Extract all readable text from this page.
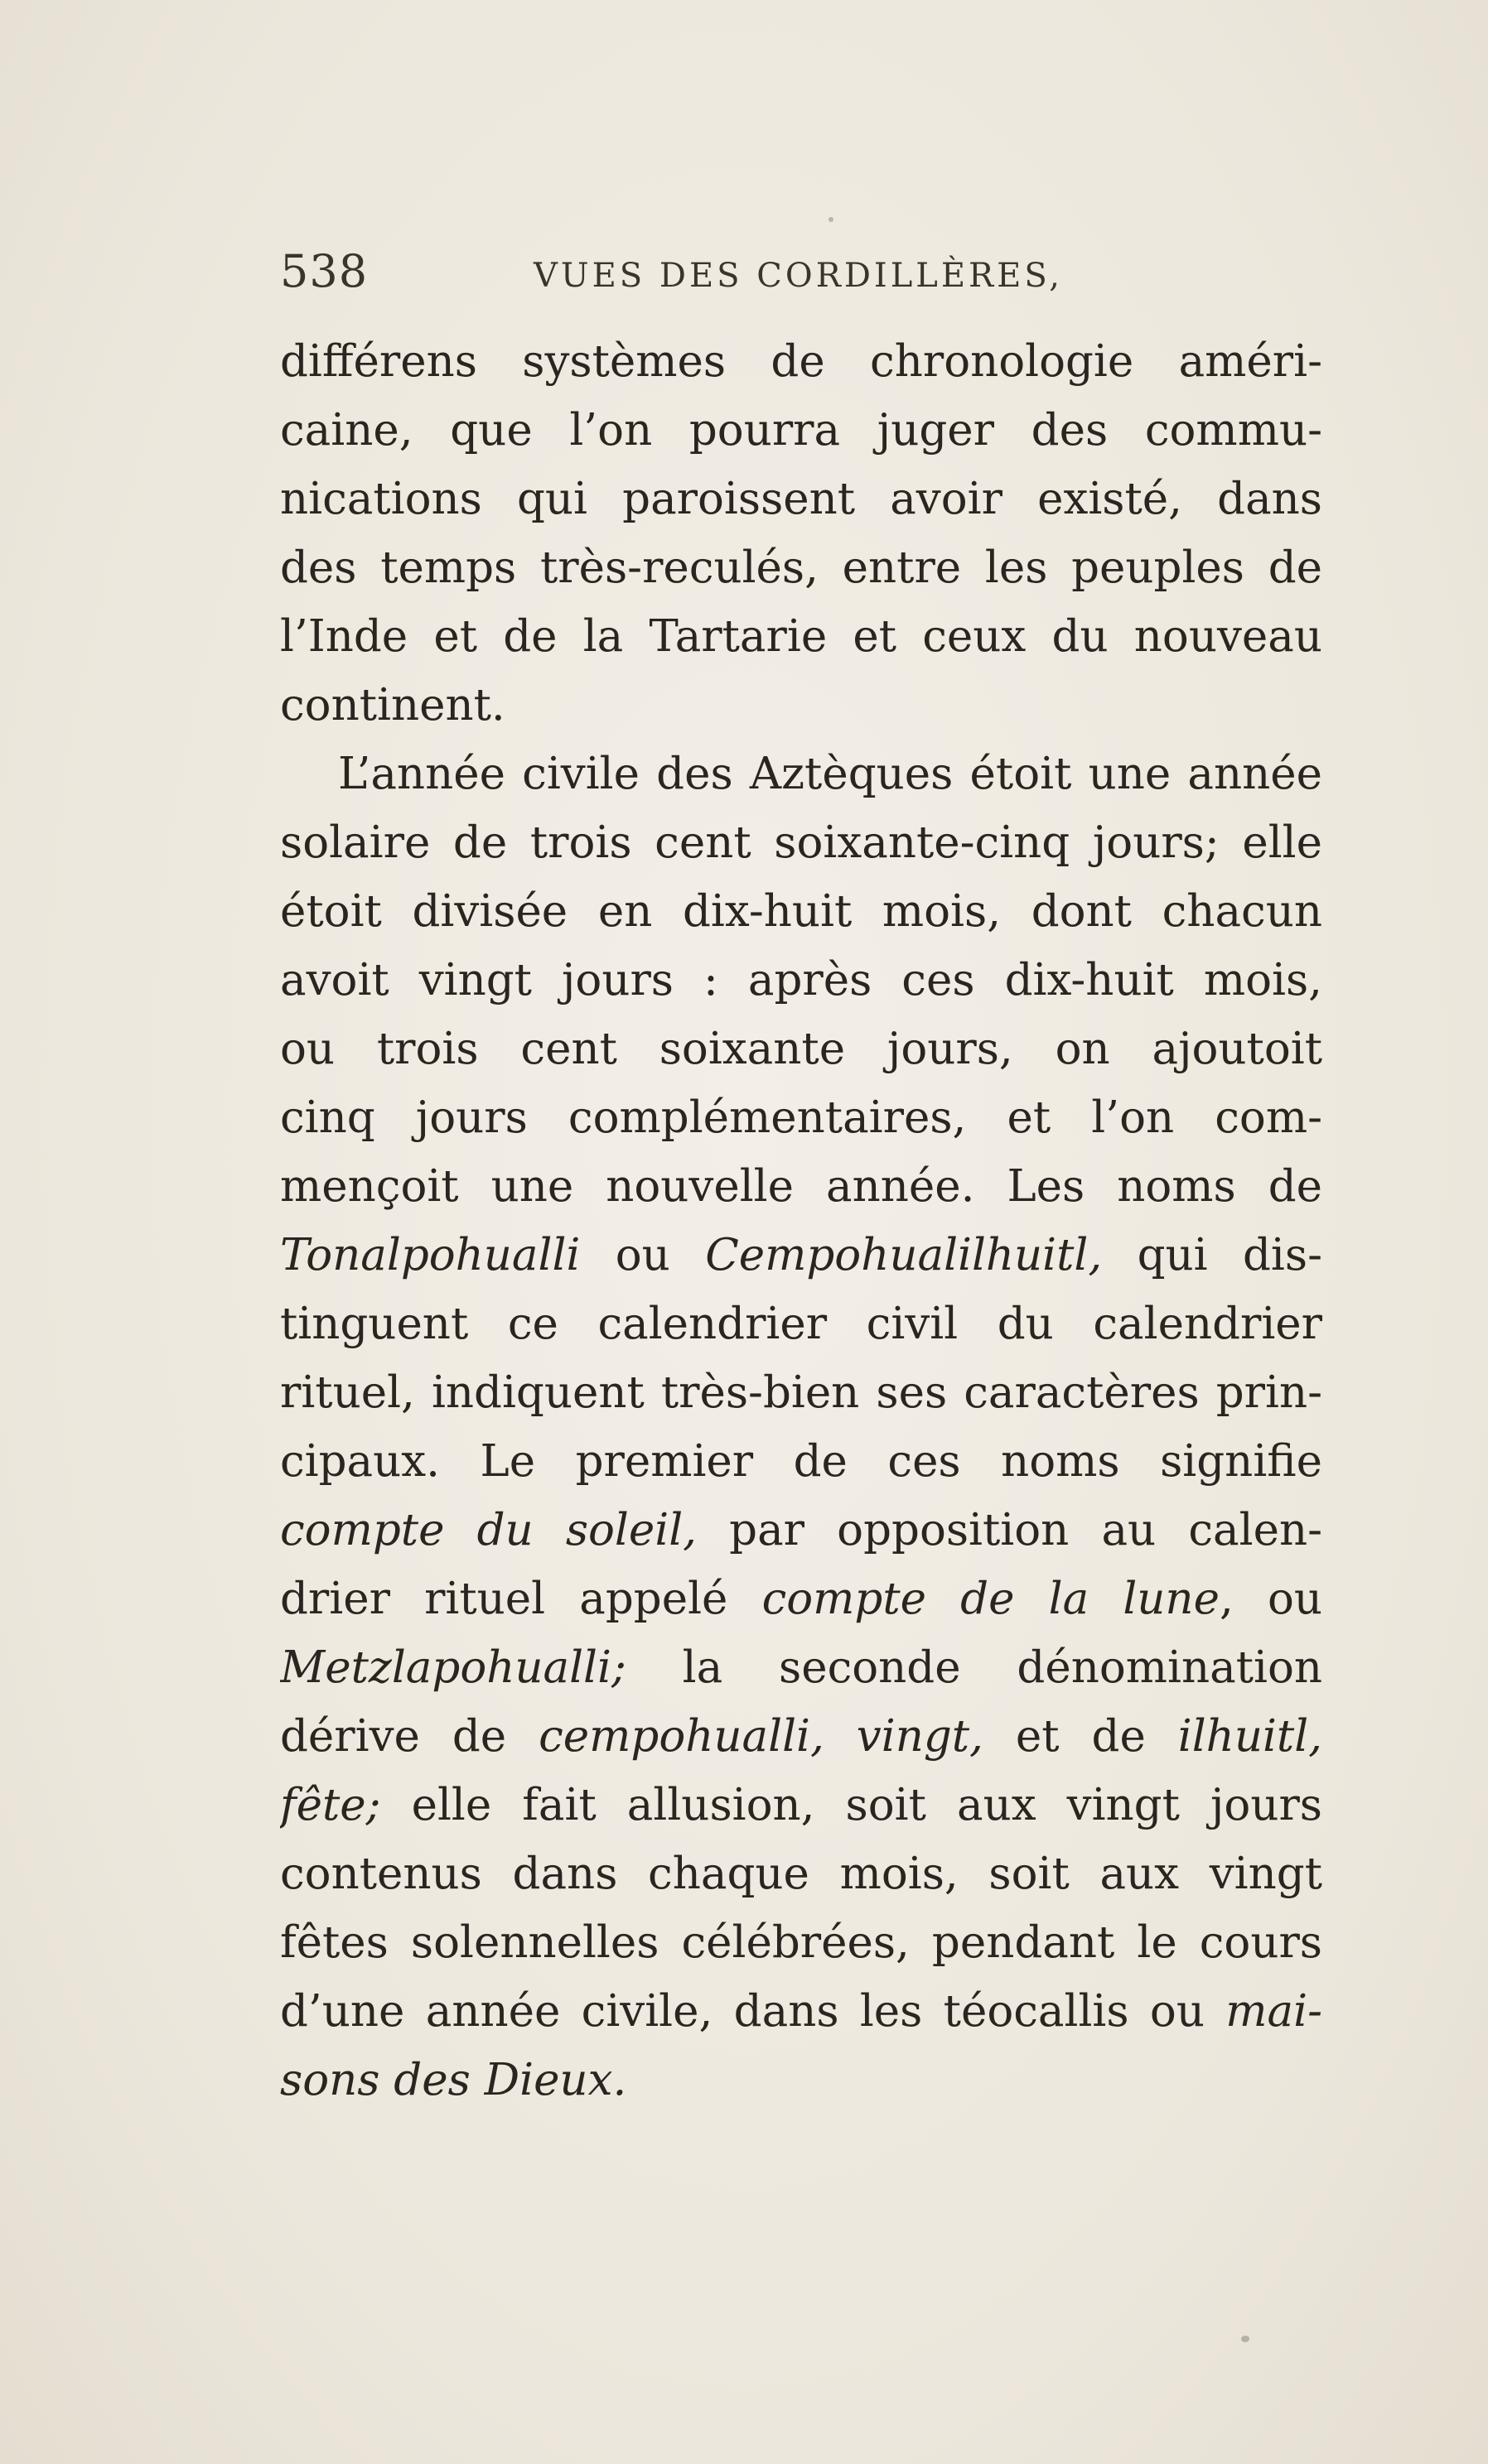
538	VUES DES CORDILLÈRES,
différens systèmes de chronologie améri-
caine, que l’on pourra juger des commu-
nications qui paroissent avoir existé, dans
des temps très-reculés, entre les peuples de
l’Inde et de la Tartarie et ceux du nouveau
continent.
L’année civile des Aztèques étoit une année
solaire de trois cent soixante-cinq jours; elle
étoit divisée en dix-huit mois, dont chacun
avoit vingt jours : après ces dix-huit mois,
ou trois cent soixante jours, on ajoutoit
cinq jours complémentaires, et l’on com-
mençoit une nouvelle année. Les noms de
Tonalpohualli ou Cempohualilhuitl, qui dis-
tinguent ce calendrier civil du calendrier
rituel, indiquent très-bien ses caractères prin-
cipaux. Le premier de ces noms signifie
compte du soleil, par opposition au calen-
drier rituel appelé compte de la lune, ou
Metzlapohualli; la seconde dénomination
dérive de cempohualli, vingt, et de ilhuitl,
fête; elle fait allusion, soit aux vingt jours
contenus dans chaque mois, soit aux vingt
fêtes solennelles célébrées, pendant le cours
d’une année civile, dans les téocallis ou mai-
sons des Dieux.
